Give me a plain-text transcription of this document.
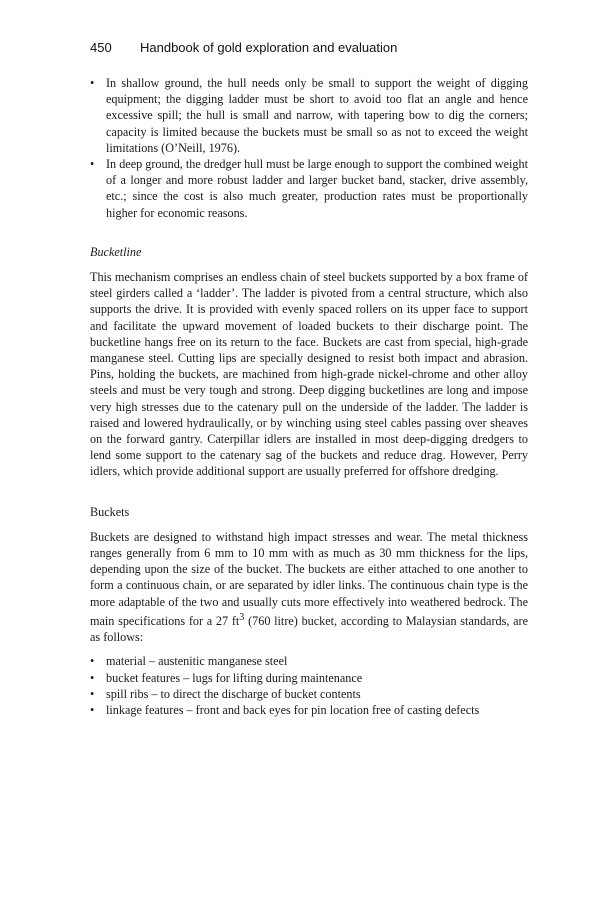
450 Handbook of gold exploration and evaluation
• In shallow ground, the hull needs only be small to support the weight of digging equipment; the digging ladder must be short to avoid too flat an angle and hence excessive spill; the hull is small and narrow, with tapering bow to dig the corners; capacity is limited because the buckets must be small so as not to exceed the weight limitations (O’Neill, 1976).
• In deep ground, the dredger hull must be large enough to support the combined weight of a longer and more robust ladder and larger bucket band, stacker, drive assembly, etc.; since the cost is also much greater, production rates must be proportionally higher for economic reasons.
Bucketline

This mechanism comprises an endless chain of steel buckets supported by a box frame of steel girders called a ‘ladder’. The ladder is pivoted from a central structure, which also supports the drive. It is provided with evenly spaced rollers on its upper face to support and facilitate the upward movement of loaded buckets to their discharge point. The bucketline hangs free on its return to the face. Buckets are cast from special, high-grade manganese steel. Cutting lips are specially designed to resist both impact and abrasion. Pins, holding the buckets, are machined from high-grade nickel-chrome and other alloy steels and must be very tough and strong. Deep digging bucketlines are long and impose very high stresses due to the catenary pull on the underside of the ladder. The ladder is raised and lowered hydraulically, or by winching using steel cables passing over sheaves on the forward gantry. Caterpillar idlers are installed in most deep-digging dredgers to lend some support to the catenary sag of the buckets and reduce drag. However, Perry idlers, which provide additional support are usually preferred for offshore dredging.

Buckets

Buckets are designed to withstand high impact stresses and wear. The metal thickness ranges generally from 6 mm to 10 mm with as much as 30 mm thickness for the lips, depending upon the size of the bucket. The buckets are either attached to one another to form a continuous chain, or are separated by idler links. The continuous chain type is the more adaptable of the two and usually cuts more effectively into weathered bedrock. The main specifications for a 27 $ft^3$ (760 litre) bucket, according to Malaysian standards, are as follows:

• material – austenitic manganese steel
• bucket features – lugs for lifting during maintenance
• spill ribs – to direct the discharge of bucket contents
• linkage features – front and back eyes for pin location free of casting defects
